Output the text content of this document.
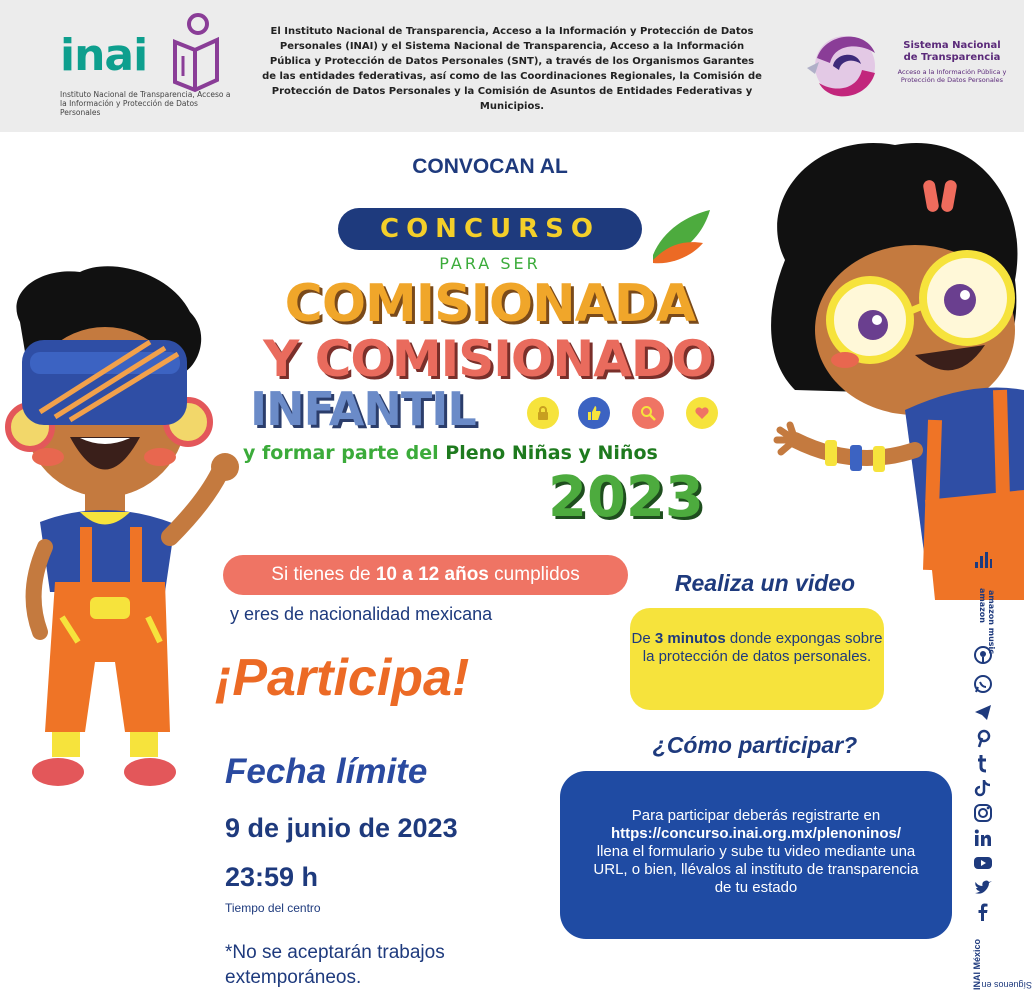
inai
Instituto Nacional de Transparencia, Acceso a la Información y Protección de Datos Personales
El Instituto Nacional de Transparencia, Acceso a la Información y Protección de Datos Personales (INAI) y el Sistema Nacional de Transparencia, Acceso a la Información Pública y Protección de Datos Personales (SNT), a través de los Organismos Garantes de las entidades federativas, así como de las Coordinaciones Regionales, la Comisión de Protección de Datos Personales y la Comisión de Asuntos de Entidades Federativas y Municipios.
Sistema Nacional de Transparencia
Acceso a la Información Pública y Protección de Datos Personales
CONVOCAN AL
CONCURSO
PARA SER
COMISIONADA
Y COMISIONADO
INFANTIL
y formar parte del Pleno Niñas y Niños
2023
Si tienes de 10 a 12 años cumplidos
y eres de nacionalidad mexicana
¡Participa!
Fecha límite
9 de junio de 2023
23:59 h
Tiempo del centro
*No se aceptarán trabajos extemporáneos.
Realiza un video
De 3 minutos donde expongas sobre la protección de datos personales.
¿Cómo participar?
Para participar deberás registrarte en
https://concurso.inai.org.mx/plenoninos/
llena el formulario y sube tu video mediante una URL, o bien, llévalos al instituto de transparencia de tu estado
amazon amazon music
Síguenos en
INAI México
